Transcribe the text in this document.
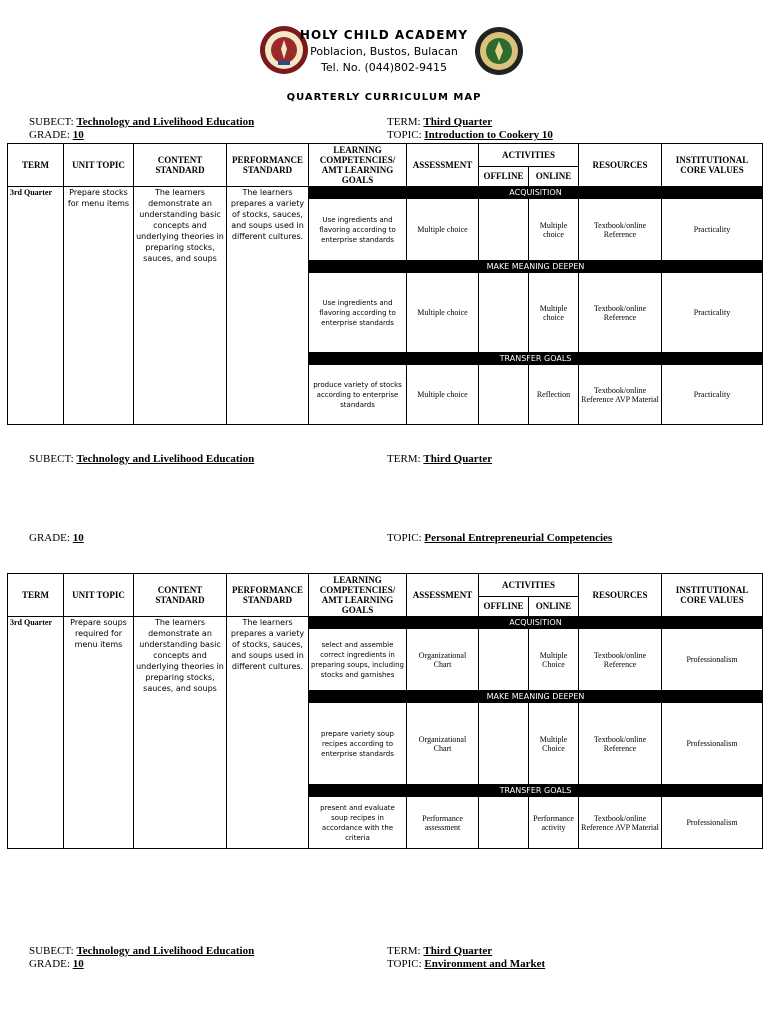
HOLY CHILD ACADEMY
Poblacion, Bustos, Bulacan
Tel. No. (044)802-9415
QUARTERLY CURRICULUM MAP
SUBECT: Technology and Livelihood Education
GRADE: 10
TERM: Third Quarter
TOPIC: Introduction to Cookery 10
TERM	UNIT TOPIC	CONTENT STANDARD	PERFORMANCE STANDARD	LEARNING COMPETENCIES/ AMT LEARNING GOALS	ASSESSMENT	ACTIVITIES		RESOURCES	INSTITUTIONAL CORE VALUES
						OFFLINE	ONLINE		
3rd Quarter	Prepare stocks for menu items	The learners demonstrate an understanding basic concepts and underlying theories in preparing stocks, sauces, and soups	The learners prepares a variety of stocks, sauces, and soups used in different cultures.	ACQUISITION					
				Use ingredients and flavoring according to enterprise standards	Multiple choice		Multiple choice	Textbook/online Reference	Practicality
				MAKE MEANING DEEPEN					
				Use ingredients and flavoring according to enterprise standards	Multiple choice		Multiple choice	Textbook/online Reference	Practicality
				TRANSFER GOALS					
				produce variety of stocks according to enterprise standards	Multiple choice		Reflection	Textbook/online Reference AVP Material	Practicality
SUBECT: Technology and Livelihood Education	TERM: Third Quarter
GRADE: 10	TOPIC: Personal Entrepreneurial Competencies
TERM	UNIT TOPIC	CONTENT STANDARD	PERFORMANCE STANDARD	LEARNING COMPETENCIES/ AMT LEARNING GOALS	ASSESSMENT	ACTIVITIES		RESOURCES	INSTITUTIONAL CORE VALUES
						OFFLINE	ONLINE		
3rd Quarter	Prepare soups required for menu items	The learners demonstrate an understanding basic concepts and underlying theories in preparing stocks, sauces, and soups	The learners prepares a variety of stocks, sauces, and soups used in different cultures.	ACQUISITION					
				select and assemble correct ingredients in preparing soups, including stocks and garnishes	Organizational Chart		Multiple Choice	Textbook/online Reference	Professionalism
				MAKE MEANING DEEPEN					
				prepare variety soup recipes according to enterprise standards	Organizational Chart		Multiple Choice	Textbook/online Reference	Professionalism
				TRANSFER GOALS					
				present and evaluate soup recipes in accordance with the criteria	Performance assessment		Performance activity	Textbook/online Reference AVP Material	Professionalism
SUBECT: Technology and Livelihood Education
GRADE: 10
TERM: Third Quarter
TOPIC: Environment and Market
